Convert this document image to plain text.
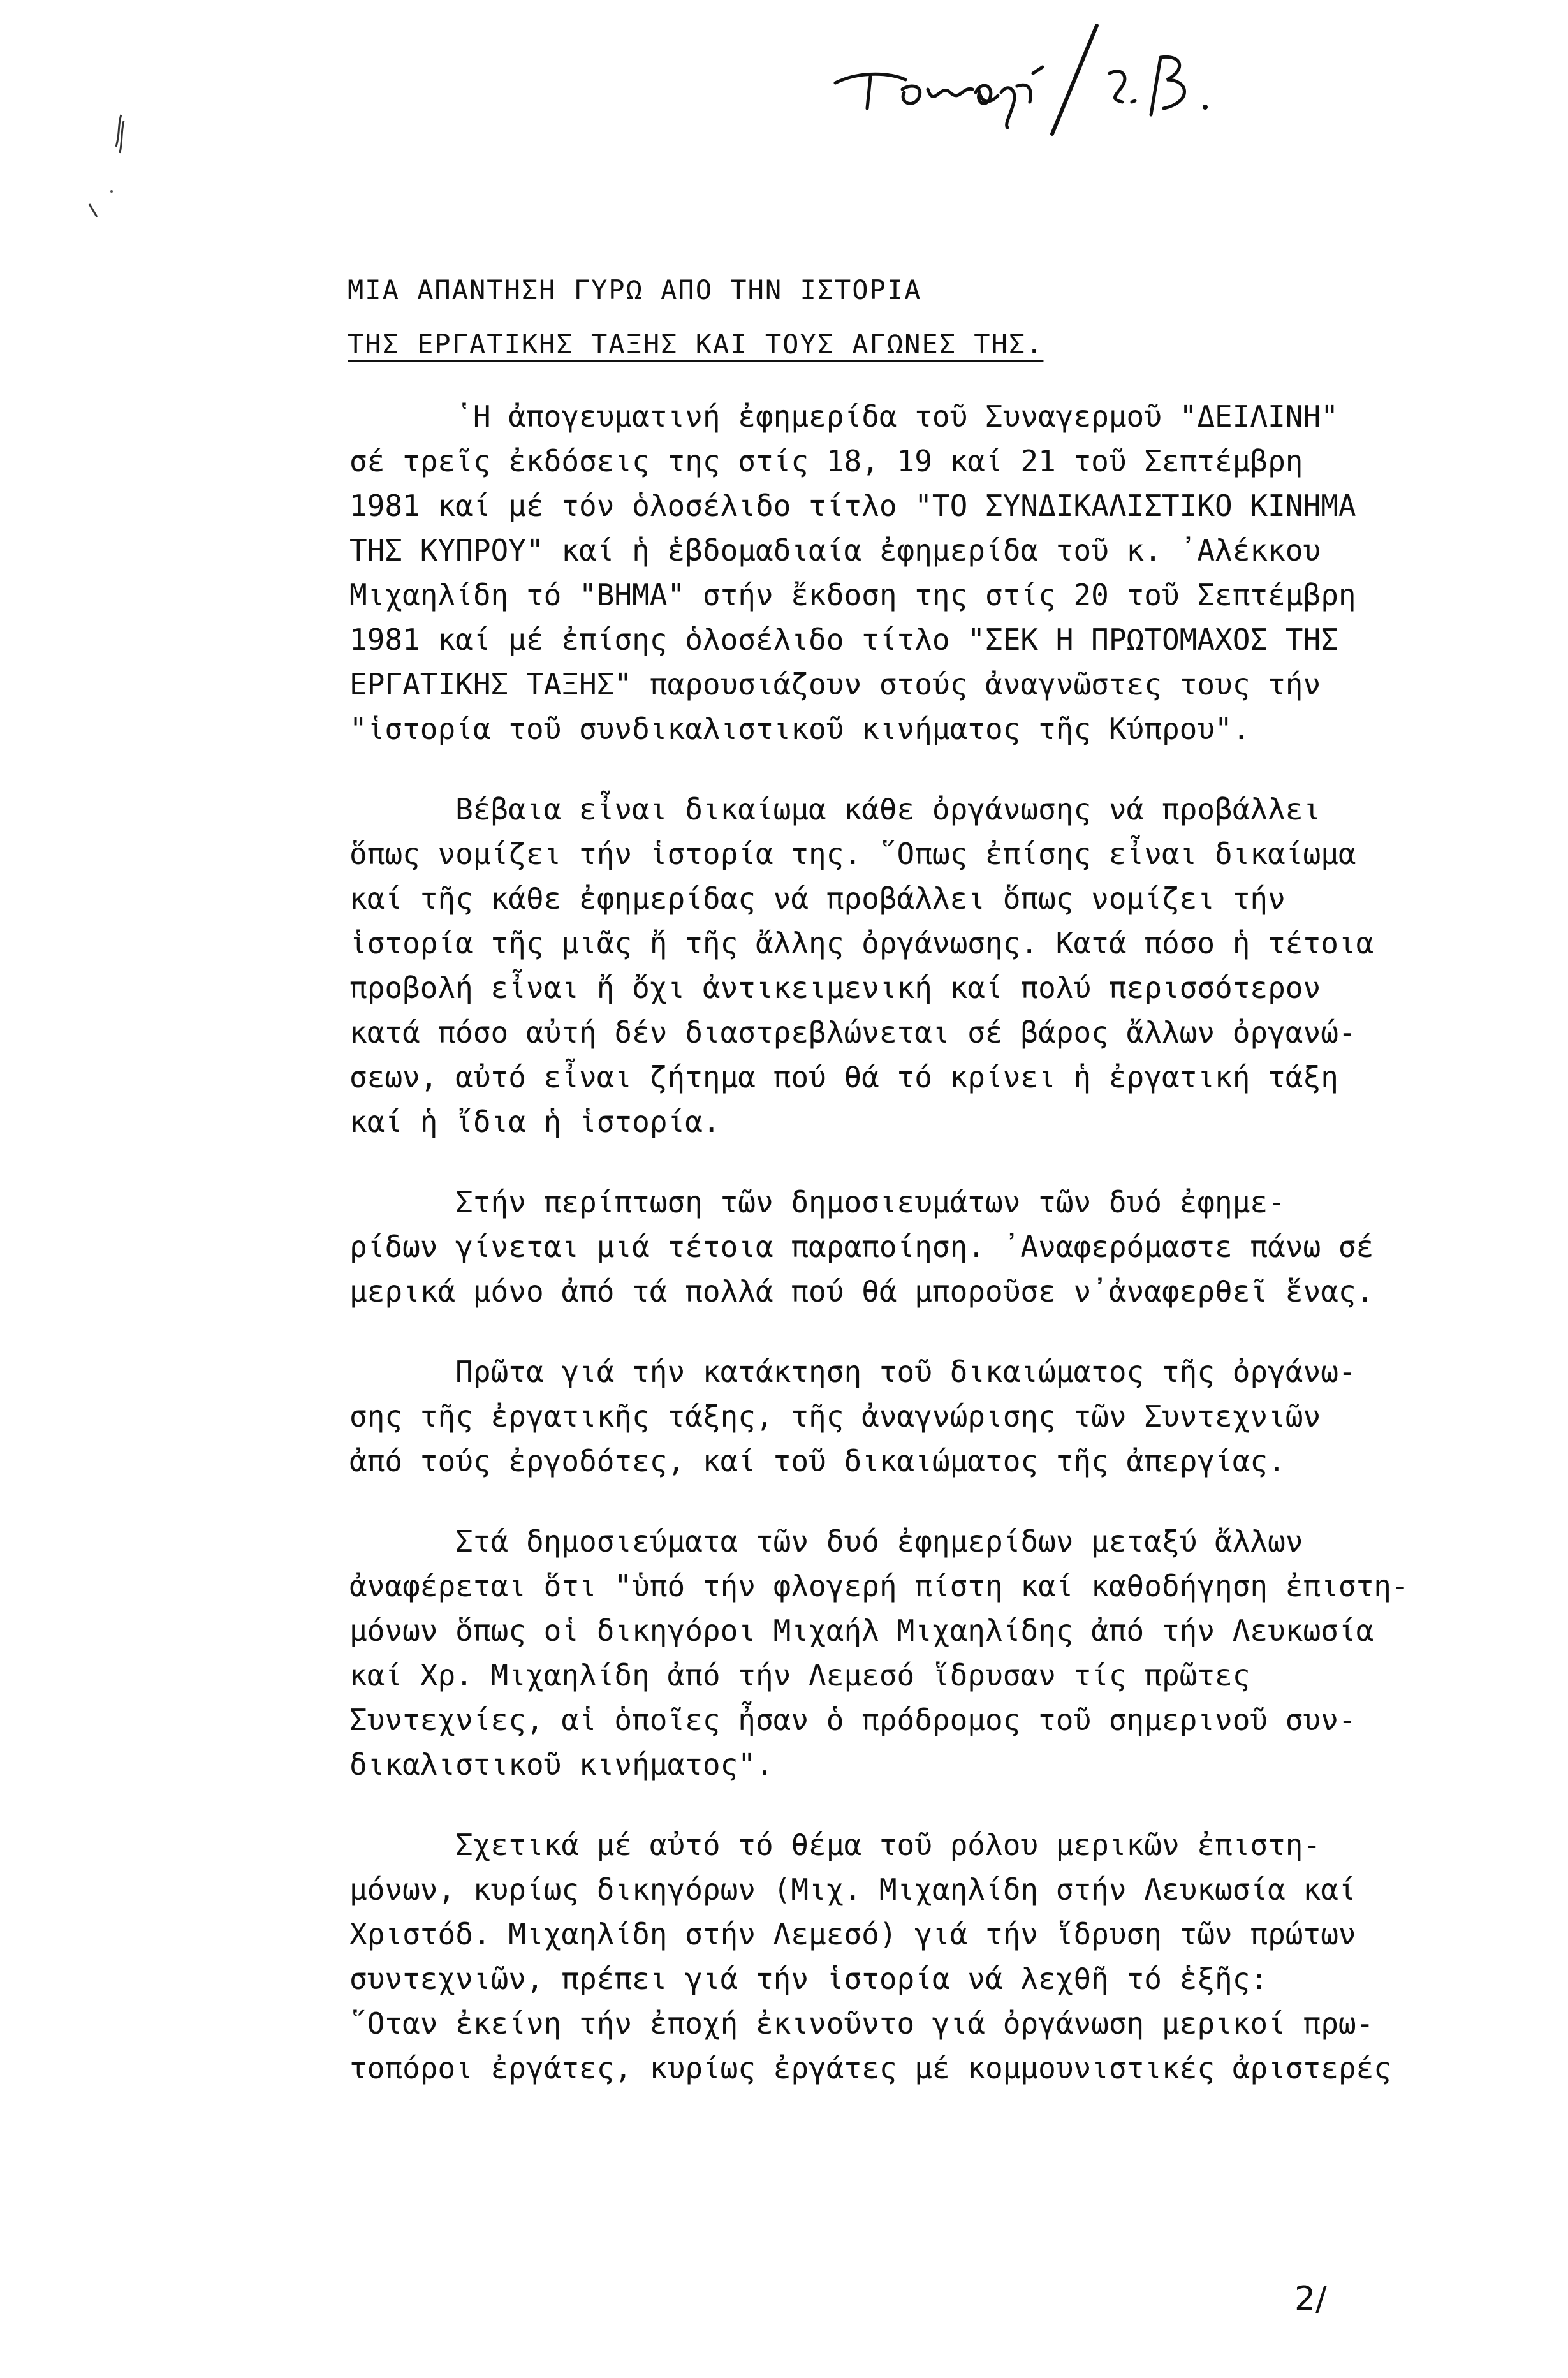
ΜΙΑ ΑΠΑΝΤΗΣΗ ΓΥΡΩ ΑΠΟ ΤΗΝ ΙΣΤΟΡΙΑ
ΤΗΣ ΕΡΓΑΤΙΚΗΣ ΤΑΞΗΣ ΚΑΙ ΤΟΥΣ ΑΓΩΝΕΣ ΤΗΣ.
῾Η ἀπογευματινή ἐφημερίδα τοῦ Συναγερμοῦ "ΔΕΙΛΙΝΗ"
σέ τρεῖς ἐκδόσεις της στίς 18, 19 καί 21 τοῦ Σεπτέμβρη
1981 καί μέ τόν ὁλοσέλιδο τίτλο "ΤΟ ΣΥΝΔΙΚΑΛΙΣΤΙΚΟ ΚΙΝΗΜΑ
ΤΗΣ ΚΥΠΡΟΥ" καί ἡ ἑβδομαδιαία ἐφημερίδα τοῦ κ. ᾿Αλέκκου
Μιχαηλίδη τό "ΒΗΜΑ" στήν ἔκδοση της στίς 20 τοῦ Σεπτέμβρη
1981 καί μέ ἐπίσης ὁλοσέλιδο τίτλο "ΣΕΚ Η ΠΡΩΤΟΜΑΧΟΣ ΤΗΣ
ΕΡΓΑΤΙΚΗΣ ΤΑΞΗΣ" παρουσιάζουν στούς ἀναγνῶστες τους τήν
"ἱστορία τοῦ συνδικαλιστικοῦ κινήματος τῆς Κύπρου".
Βέβαια εἶναι δικαίωμα κάθε ὀργάνωσης νά προβάλλει
ὅπως νομίζει τήν ἱστορία της. ῞Οπως ἐπίσης εἶναι δικαίωμα
καί τῆς κάθε ἐφημερίδας νά προβάλλει ὅπως νομίζει τήν
ἱστορία τῆς μιᾶς ἤ τῆς ἄλλης ὀργάνωσης. Κατά πόσο ἡ τέτοια
προβολή εἶναι ἤ ὄχι ἀντικειμενική καί πολύ περισσότερον
κατά πόσο αὐτή δέν διαστρεβλώνεται σέ βάρος ἄλλων ὀργανώ-
σεων, αὐτό εἶναι ζήτημα πού θά τό κρίνει ἡ ἐργατική τάξη
καί ἡ ἴδια ἡ ἱστορία.
Στήν περίπτωση τῶν δημοσιευμάτων τῶν δυό ἐφημε-
ρίδων γίνεται μιά τέτοια παραποίηση. ᾿Αναφερόμαστε πάνω σέ
μερικά μόνο ἀπό τά πολλά πού θά μποροῦσε ν᾿ἀναφερθεῖ ἕνας.
Πρῶτα γιά τήν κατάκτηση τοῦ δικαιώματος τῆς ὀργάνω-
σης τῆς ἐργατικῆς τάξης, τῆς ἀναγνώρισης τῶν Συντεχνιῶν
ἀπό τούς ἐργοδότες, καί τοῦ δικαιώματος τῆς ἀπεργίας.
Στά δημοσιεύματα τῶν δυό ἐφημερίδων μεταξύ ἄλλων
ἀναφέρεται ὅτι "ὑπό τήν φλογερή πίστη καί καθοδήγηση ἐπιστη-
μόνων ὅπως οἱ δικηγόροι Μιχαήλ Μιχαηλίδης ἀπό τήν Λευκωσία
καί Χρ. Μιχαηλίδη ἀπό τήν Λεμεσό ἵδρυσαν τίς πρῶτες
Συντεχνίες, αἱ ὁποῖες ἦσαν ὁ πρόδρομος τοῦ σημερινοῦ συν-
δικαλιστικοῦ κινήματος".
Σχετικά μέ αὐτό τό θέμα τοῦ ρόλου μερικῶν ἐπιστη-
μόνων, κυρίως δικηγόρων (Μιχ. Μιχαηλίδη στήν Λευκωσία καί
Χριστόδ. Μιχαηλίδη στήν Λεμεσό) γιά τήν ἵδρυση τῶν πρώτων
συντεχνιῶν, πρέπει γιά τήν ἱστορία νά λεχθῆ τό ἑξῆς:
῞Οταν ἐκείνη τήν ἐποχή ἐκινοῦντο γιά ὀργάνωση μερικοί πρω-
τοπόροι ἐργάτες, κυρίως ἐργάτες μέ κομμουνιστικές ἀριστερές
2/
